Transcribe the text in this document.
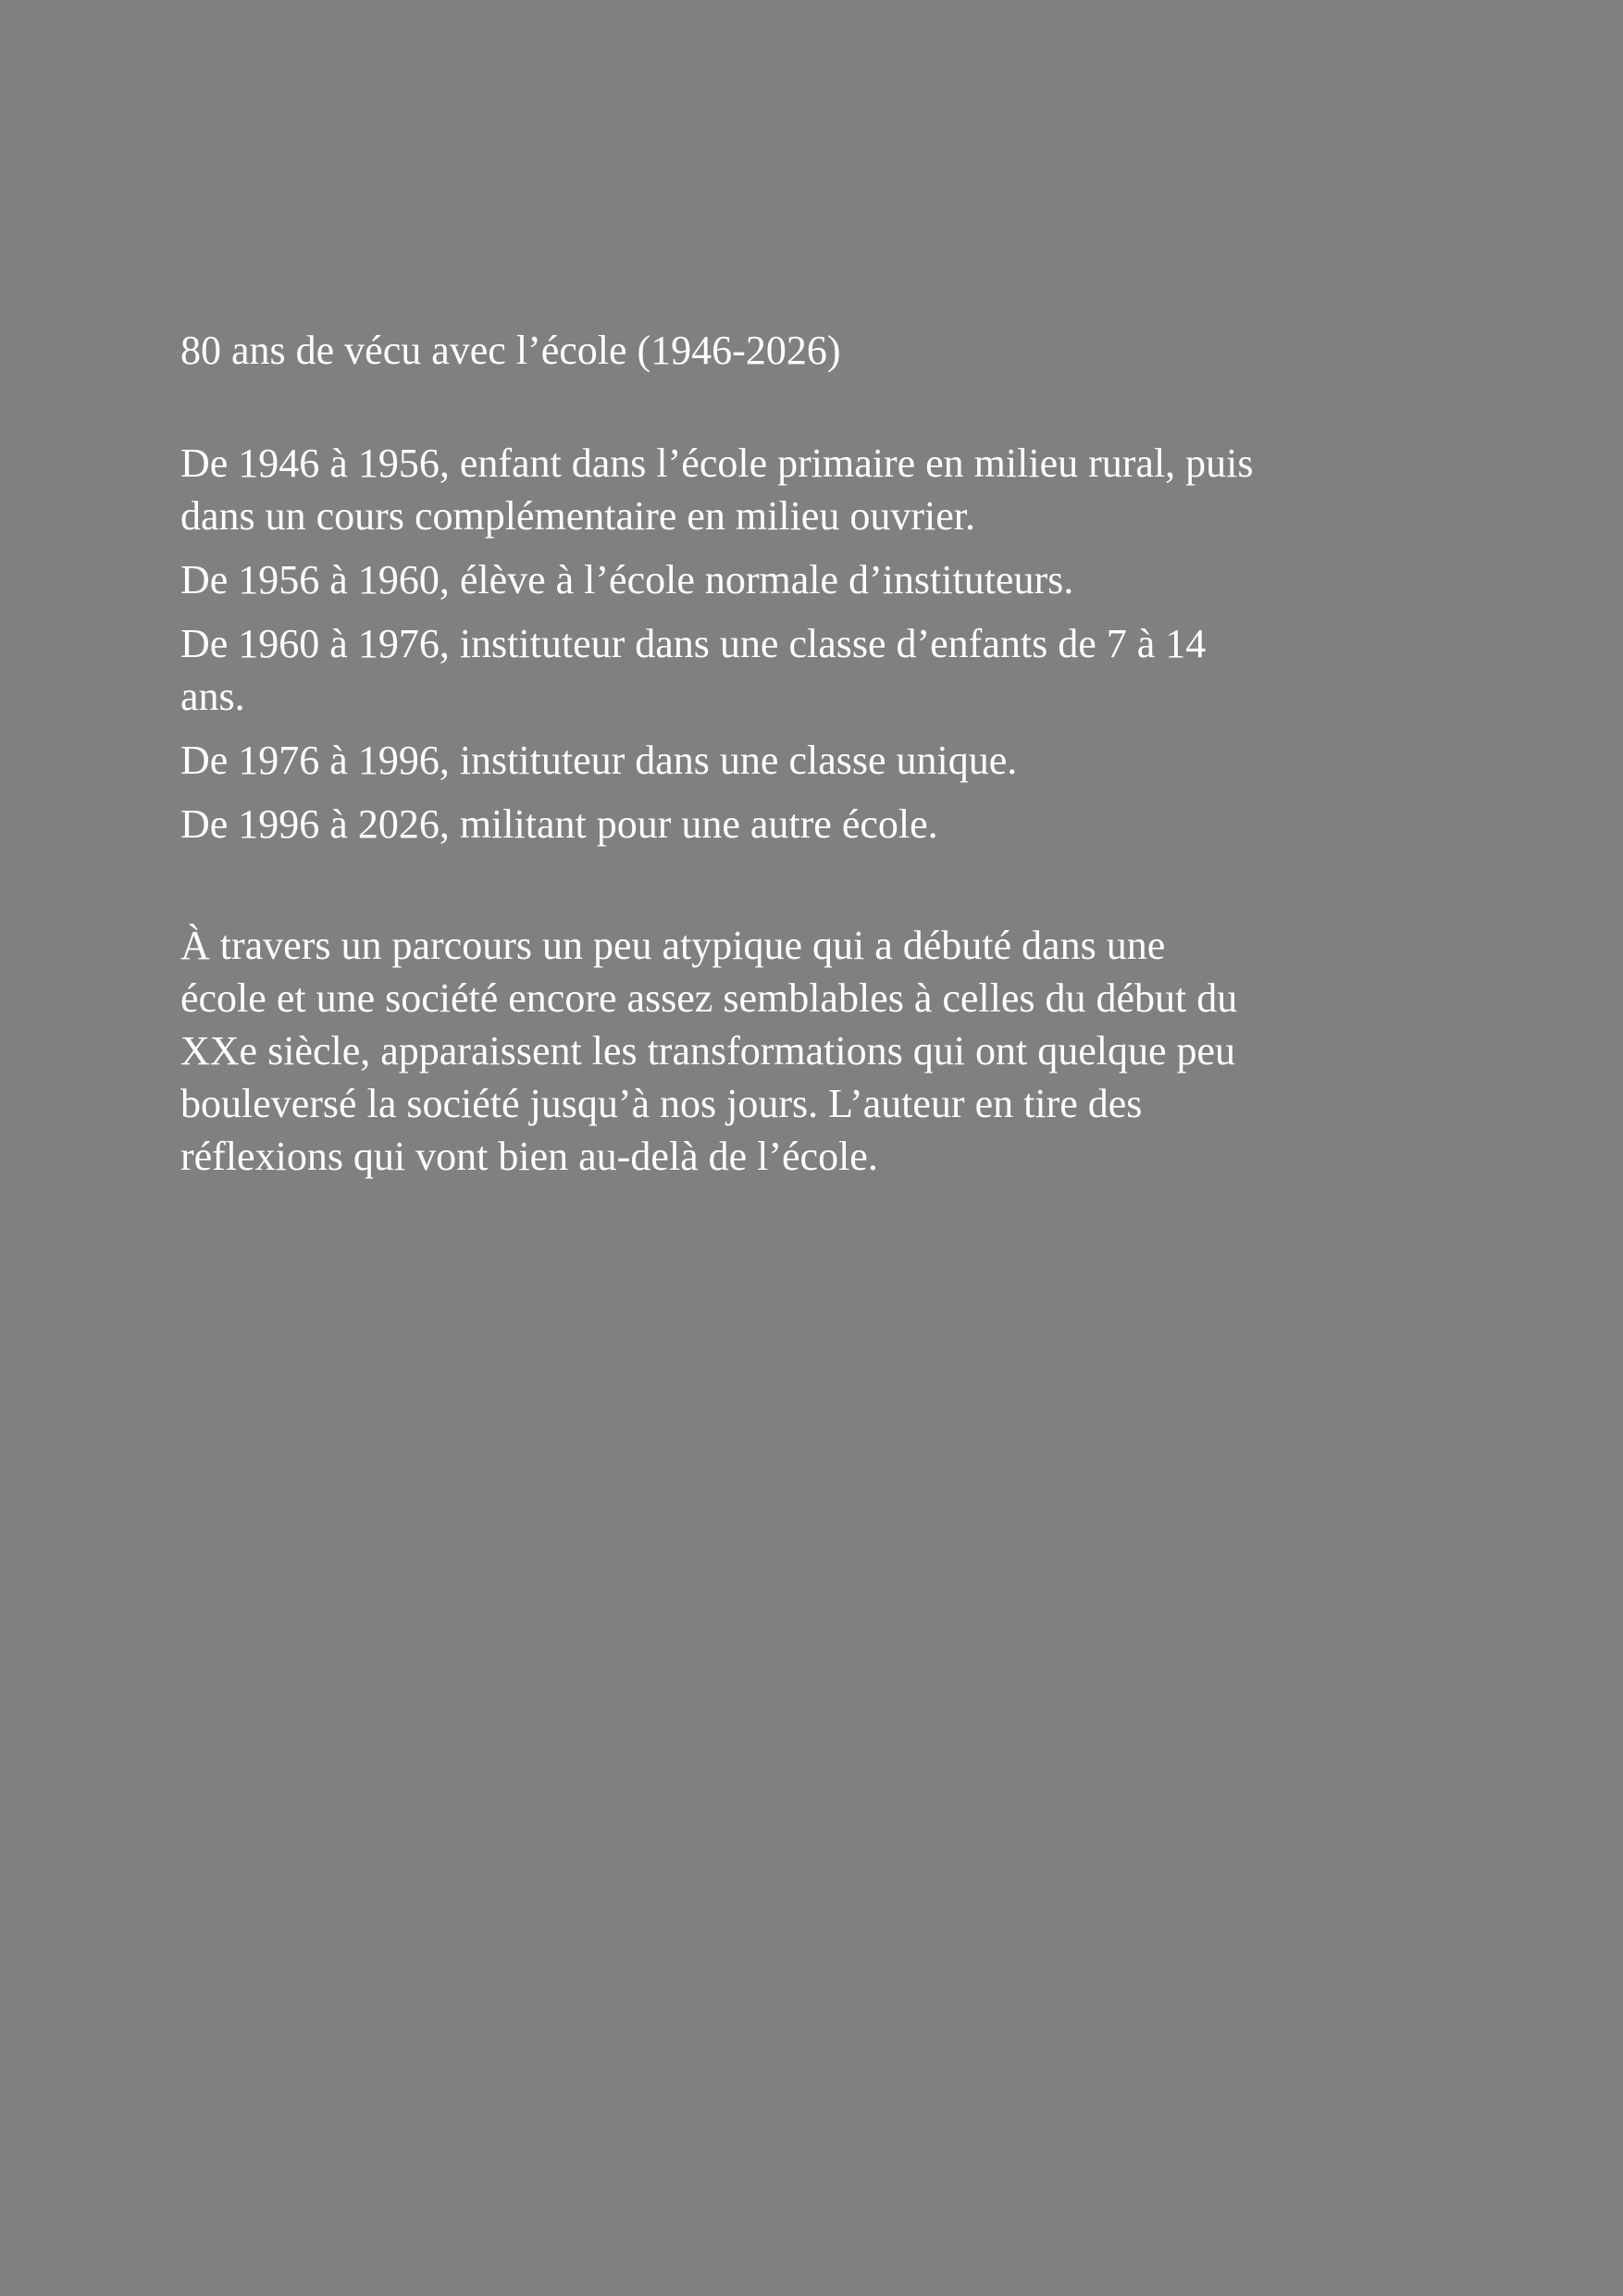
80 ans de vécu avec l’école (1946-2026)
De 1946 à 1956, enfant dans l’école primaire en milieu rural, puis dans un cours complémentaire en milieu ouvrier.
De 1956 à 1960, élève à l’école normale d’instituteurs.
De 1960 à 1976, instituteur dans une classe d’enfants de 7 à 14 ans.
De 1976 à 1996, instituteur dans une classe unique.
De 1996 à 2026, militant pour une autre école.

À travers un parcours un peu atypique qui a débuté dans une école et une société encore assez semblables à celles du début du XXe siècle, apparaissent les transformations qui ont quelque peu bouleversé la société jusqu’à nos jours. L’auteur en tire des réflexions qui vont bien au-delà de l’école.
